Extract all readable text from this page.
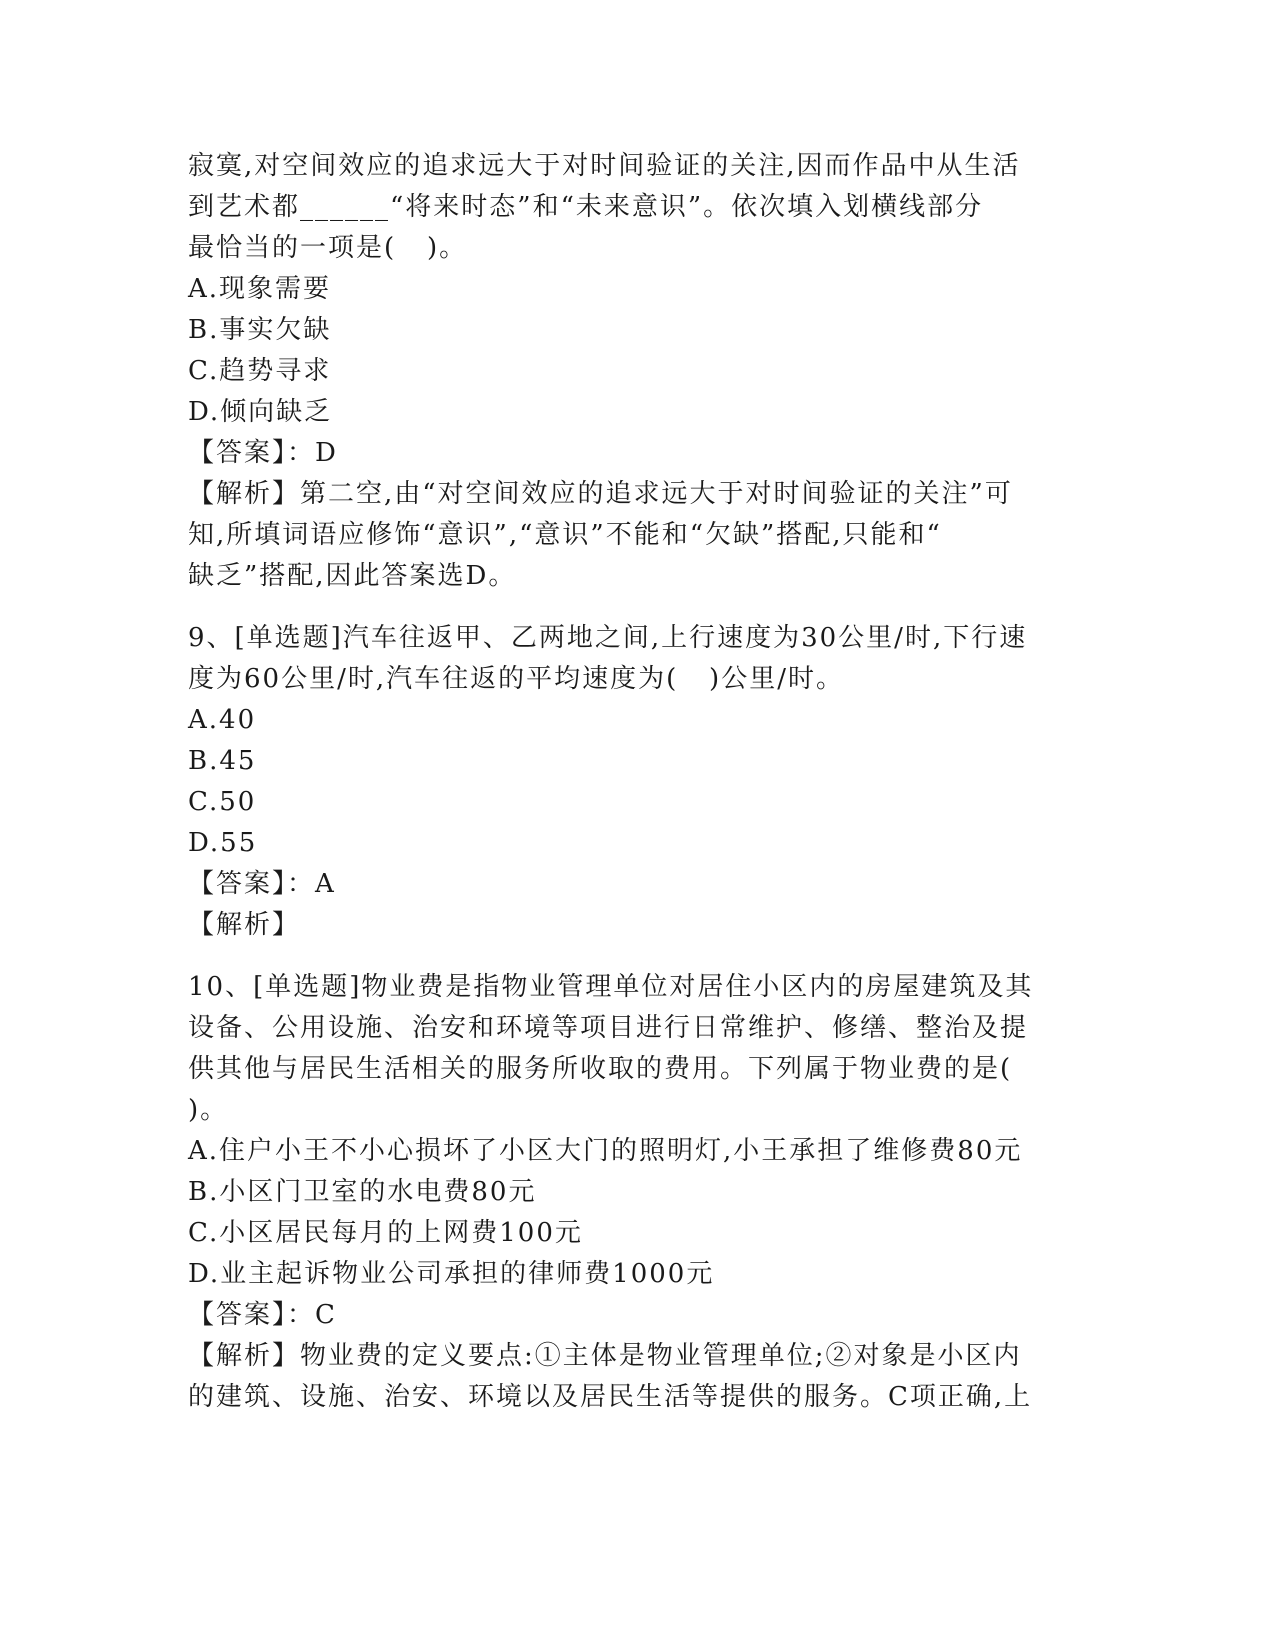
寂寞,对空间效应的追求远大于对时间验证的关注,因而作品中从生活
到艺术都______“将来时态”和“未来意识”。依次填入划横线部分
最恰当的一项是(   )。
A.现象需要
B.事实欠缺
C.趋势寻求
D.倾向缺乏
【答案】：D
【解析】第二空,由“对空间效应的追求远大于对时间验证的关注”可
知,所填词语应修饰“意识”,“意识”不能和“欠缺”搭配,只能和“
缺乏”搭配,因此答案选D。
9、[单选题]汽车往返甲、乙两地之间,上行速度为30公里/时,下行速
度为60公里/时,汽车往返的平均速度为(   )公里/时。
A.40
B.45
C.50
D.55
【答案】：A
【解析】
10、[单选题]物业费是指物业管理单位对居住小区内的房屋建筑及其
设备、公用设施、治安和环境等项目进行日常维护、修缮、整治及提
供其他与居民生活相关的服务所收取的费用。下列属于物业费的是(
)。
A.住户小王不小心损坏了小区大门的照明灯,小王承担了维修费80元
B.小区门卫室的水电费80元
C.小区居民每月的上网费100元
D.业主起诉物业公司承担的律师费1000元
【答案】：C
【解析】物业费的定义要点:①主体是物业管理单位;②对象是小区内
的建筑、设施、治安、环境以及居民生活等提供的服务。C项正确,上
